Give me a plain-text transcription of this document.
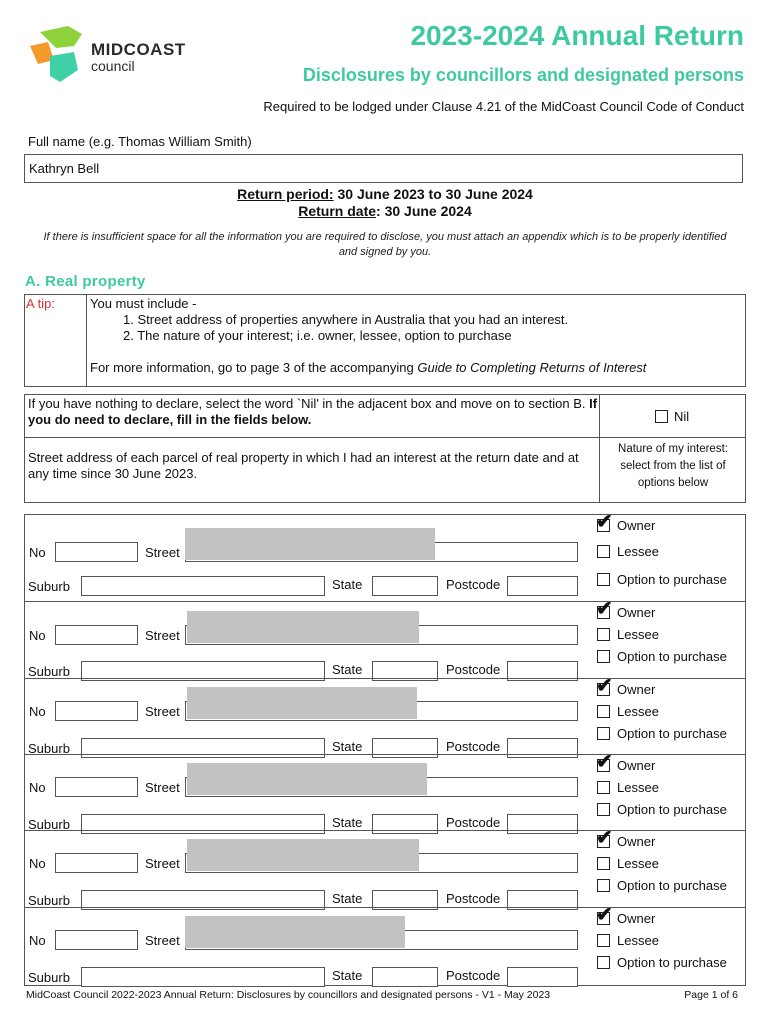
MIDCOAST
council
2023-2024 Annual Return
Disclosures by councillors and designated persons
Required to be lodged under Clause 4.21 of the MidCoast Council Code of Conduct
Full name (e.g. Thomas William Smith)
Kathryn Bell
Return period: 30 June 2023 to 30 June 2024
Return date: 30 June 2024
If there is insufficient space for all the information you are required to disclose, you must attach an appendix which is to be properly identified and signed by you.
A. Real property
A tip:	You must include -
1. Street address of properties anywhere in Australia that you had an interest.
2. The nature of your interest; i.e. owner, lessee, option to purchase
For more information, go to page 3 of the accompanying Guide to Completing Returns of Interest
If you have nothing to declare, select the word `Nil' in the adjacent box and move on to section B. If you do need to declare, fill in the fields below.	Nil
Street address of each parcel of real property in which I had an interest at the return date and at any time since 30 June 2023.
Nature of my interest: select from the list of options below
No	Street
Suburb	State	Postcode
✔ Owner
Lessee
Option to purchase
No	Street
Suburb	State	Postcode
✔ Owner
Lessee
Option to purchase
No	Street
Suburb	State	Postcode
✔ Owner
Lessee
Option to purchase
No	Street
Suburb	State	Postcode
✔ Owner
Lessee
Option to purchase
No	Street
Suburb	State	Postcode
✔ Owner
Lessee
Option to purchase
No	Street
Suburb	State	Postcode
✔ Owner
Lessee
Option to purchase
MidCoast Council 2022-2023 Annual Return: Disclosures by councillors and designated persons - V1 - May 2023	Page 1 of 6
